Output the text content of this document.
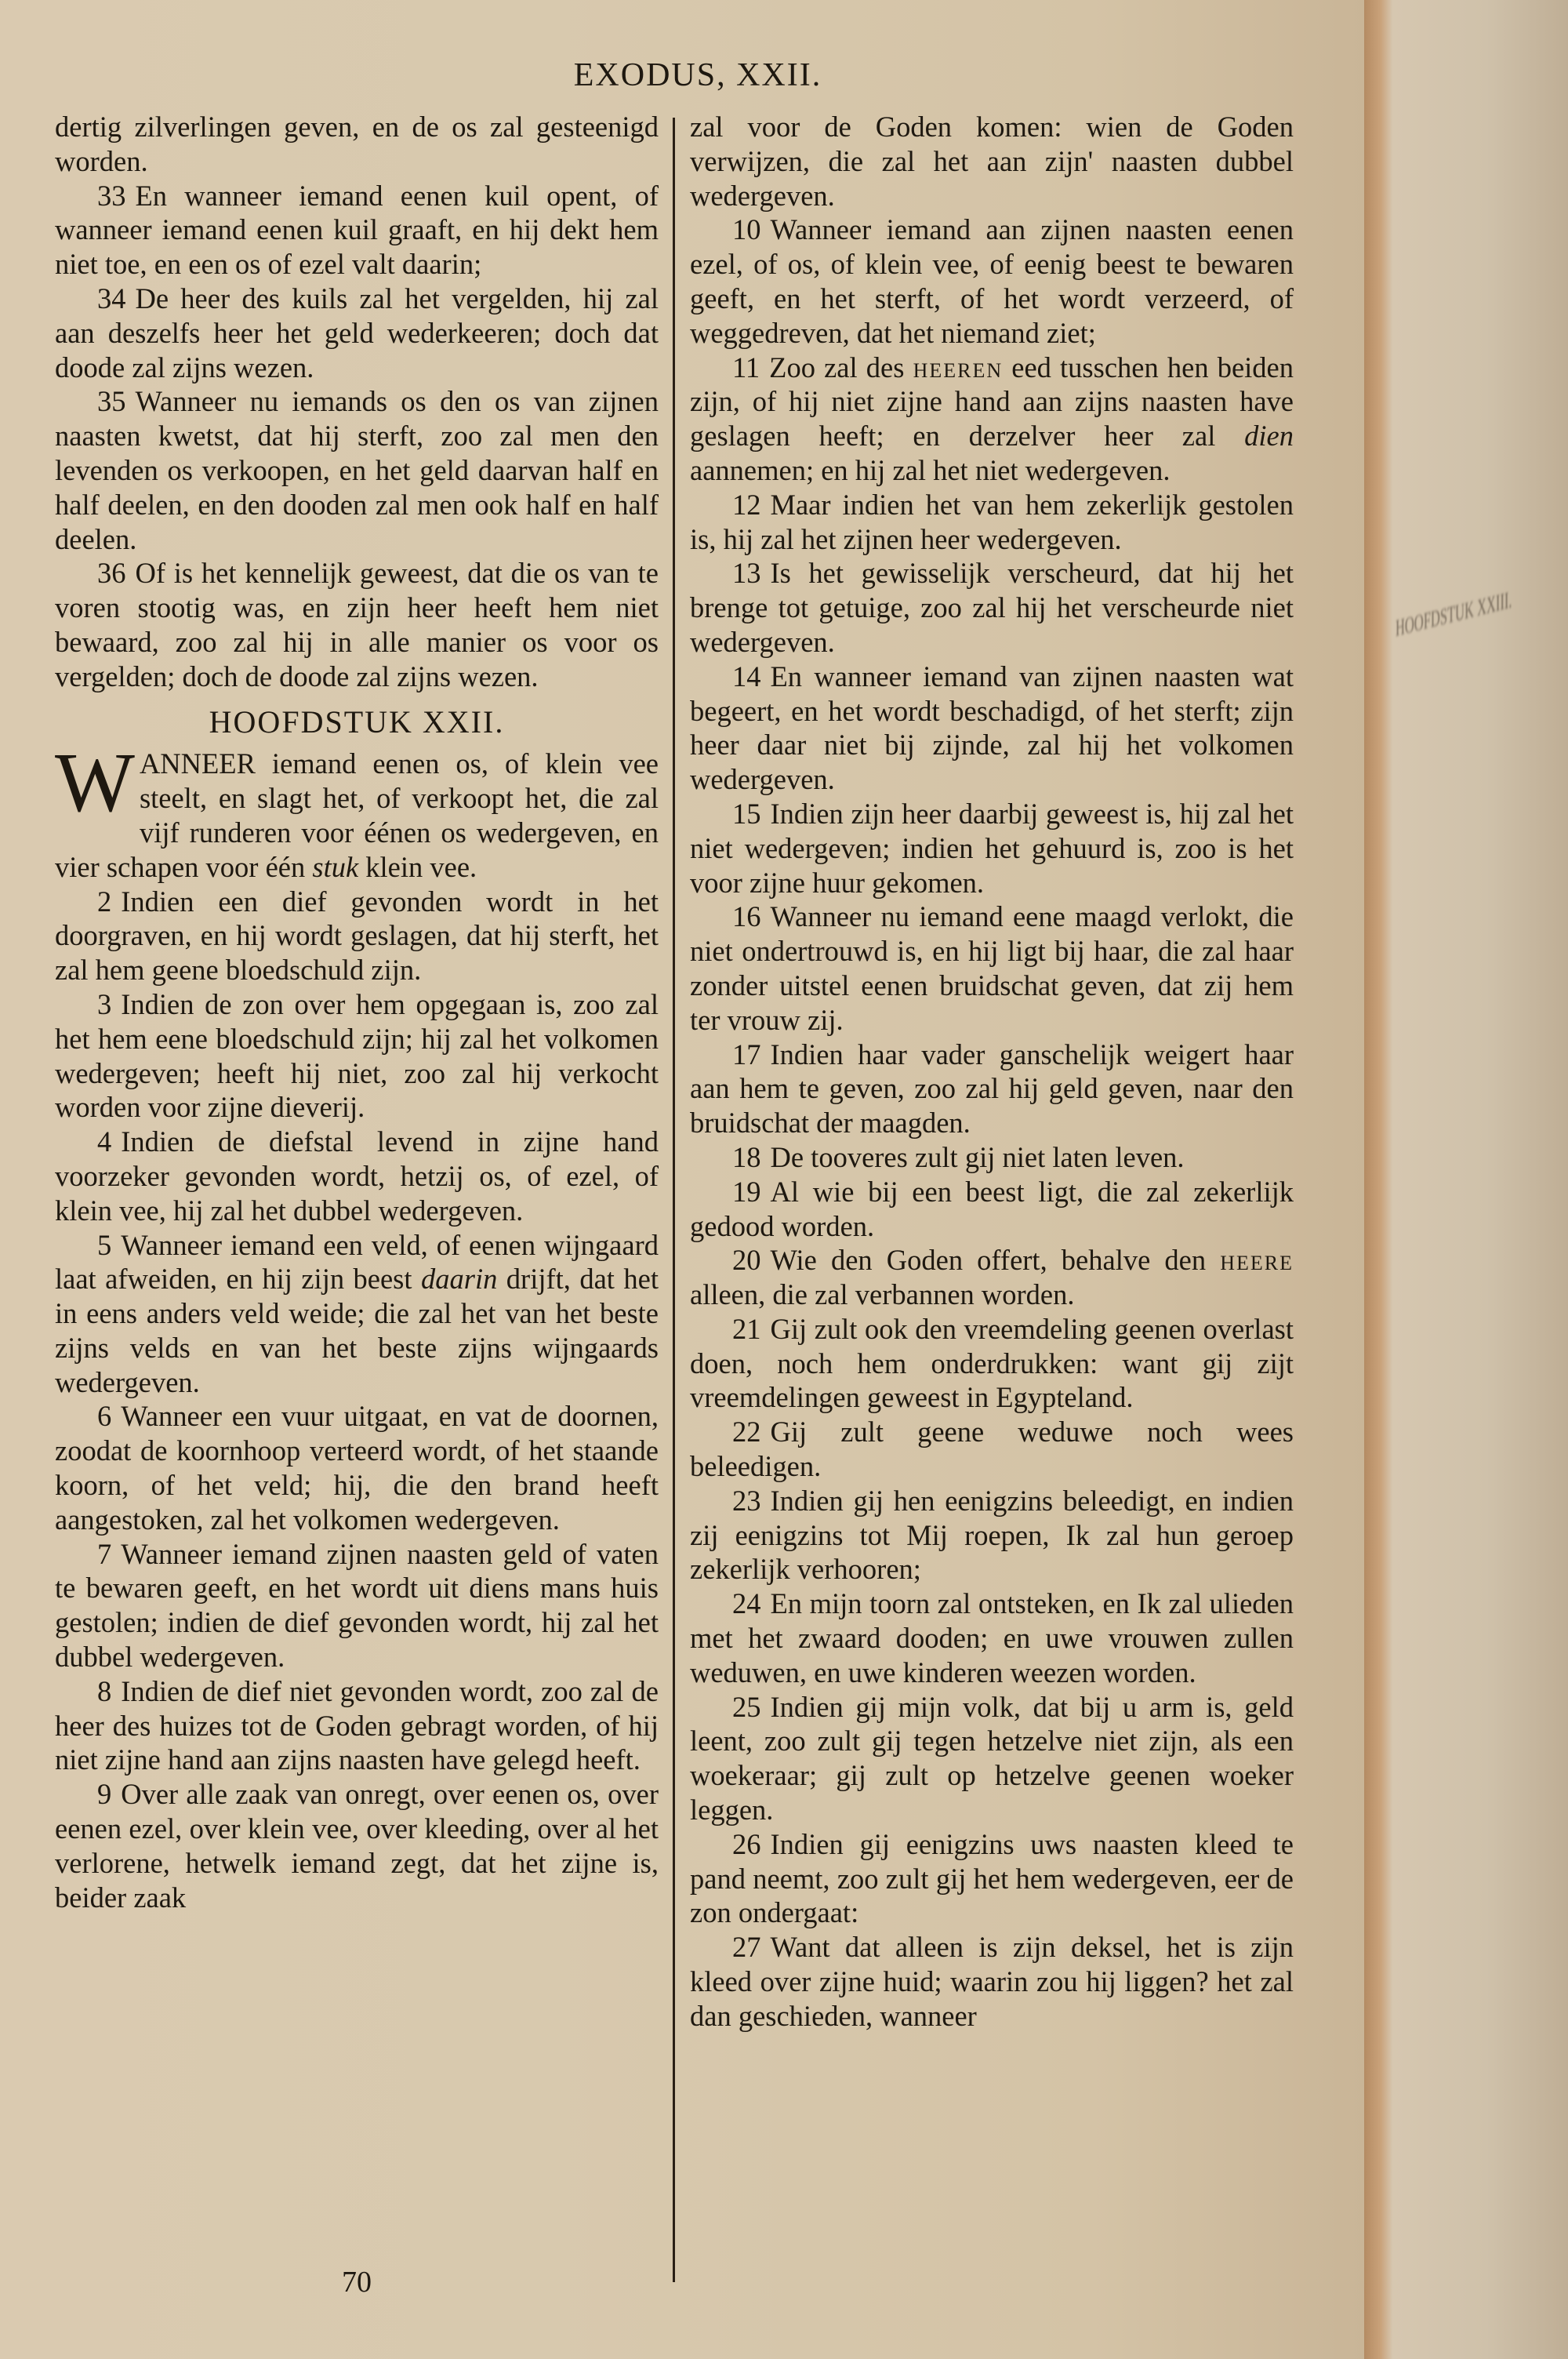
EXODUS, XXII.

dertig zilverlingen geven, en de os zal gesteenigd worden.

33 En wanneer iemand eenen kuil opent, of wanneer iemand eenen kuil graaft, en hij dekt hem niet toe, en een os of ezel valt daarin;

34 De heer des kuils zal het vergelden, hij zal aan deszelfs heer het geld wederkeeren; doch dat doode zal zijns wezen.

35 Wanneer nu iemands os den os van zijnen naasten kwetst, dat hij sterft, zoo zal men den levenden os verkoopen, en het geld daarvan half en half deelen, en den dooden zal men ook half en half deelen.

36 Of is het kennelijk geweest, dat die os van te voren stootig was, en zijn heer heeft hem niet bewaard, zoo zal hij in alle manier os voor os vergelden; doch de doode zal zijns wezen.

HOOFDSTUK XXII.

WANNEER iemand eenen os, of klein vee steelt, en slagt het, of verkoopt het, die zal vijf runderen voor éénen os wedergeven, en vier schapen voor één stuk klein vee.

2 Indien een dief gevonden wordt in het doorgraven, en hij wordt geslagen, dat hij sterft, het zal hem geene bloedschuld zijn.

3 Indien de zon over hem opgegaan is, zoo zal het hem eene bloedschuld zijn; hij zal het volkomen wedergeven; heeft hij niet, zoo zal hij verkocht worden voor zijne dieverij.

4 Indien de diefstal levend in zijne hand voorzeker gevonden wordt, hetzij os, of ezel, of klein vee, hij zal het dubbel wedergeven.

5 Wanneer iemand een veld, of eenen wijngaard laat afweiden, en hij zijn beest daarin drijft, dat het in eens anders veld weide; die zal het van het beste zijns velds en van het beste zijns wijngaards wedergeven.

6 Wanneer een vuur uitgaat, en vat de doornen, zoodat de koornhoop verteerd wordt, of het staande koorn, of het veld; hij, die den brand heeft aangestoken, zal het volkomen wedergeven.

7 Wanneer iemand zijnen naasten geld of vaten te bewaren geeft, en het wordt uit diens mans huis gestolen; indien de dief gevonden wordt, hij zal het dubbel wedergeven.

8 Indien de dief niet gevonden wordt, zoo zal de heer des huizes tot de Goden gebragt worden, of hij niet zijne hand aan zijns naasten have gelegd heeft.

9 Over alle zaak van onregt, over eenen os, over eenen ezel, over klein vee, over kleeding, over al het verlorene, hetwelk iemand zegt, dat het zijne is, beider zaak

zal voor de Goden komen: wien de Goden verwijzen, die zal het aan zijn' naasten dubbel wedergeven.

10 Wanneer iemand aan zijnen naasten eenen ezel, of os, of klein vee, of eenig beest te bewaren geeft, en het sterft, of het wordt verzeerd, of weggedreven, dat het niemand ziet;

11 Zoo zal des heeren eed tusschen hen beiden zijn, of hij niet zijne hand aan zijns naasten have geslagen heeft; en derzelver heer zal dien aannemen; en hij zal het niet wedergeven.

12 Maar indien het van hem zekerlijk gestolen is, hij zal het zijnen heer wedergeven.

13 Is het gewisselijk verscheurd, dat hij het brenge tot getuige, zoo zal hij het verscheurde niet wedergeven.

14 En wanneer iemand van zijnen naasten wat begeert, en het wordt beschadigd, of het sterft; zijn heer daar niet bij zijnde, zal hij het volkomen wedergeven.

15 Indien zijn heer daarbij geweest is, hij zal het niet wedergeven; indien het gehuurd is, zoo is het voor zijne huur gekomen.

16 Wanneer nu iemand eene maagd verlokt, die niet ondertrouwd is, en hij ligt bij haar, die zal haar zonder uitstel eenen bruidschat geven, dat zij hem ter vrouw zij.

17 Indien haar vader ganschelijk weigert haar aan hem te geven, zoo zal hij geld geven, naar den bruidschat der maagden.

18 De tooveres zult gij niet laten leven.

19 Al wie bij een beest ligt, die zal zekerlijk gedood worden.

20 Wie den Goden offert, behalve den heere alleen, die zal verbannen worden.

21 Gij zult ook den vreemdeling geenen overlast doen, noch hem onderdrukken: want gij zijt vreemdelingen geweest in Egypteland.

22 Gij zult geene weduwe noch wees beleedigen.

23 Indien gij hen eenigzins beleedigt, en indien zij eenigzins tot Mij roepen, Ik zal hun geroep zekerlijk verhooren;

24 En mijn toorn zal ontsteken, en Ik zal ulieden met het zwaard dooden; en uwe vrouwen zullen weduwen, en uwe kinderen weezen worden.

25 Indien gij mijn volk, dat bij u arm is, geld leent, zoo zult gij tegen hetzelve niet zijn, als een woekeraar; gij zult op hetzelve geenen woeker leggen.

26 Indien gij eenigzins uws naasten kleed te pand neemt, zoo zult gij het hem wedergeven, eer de zon ondergaat:

27 Want dat alleen is zijn deksel, het is zijn kleed over zijne huid; waarin zou hij liggen? het zal dan geschieden, wanneer

70
HOOFDSTUK XXIII.
